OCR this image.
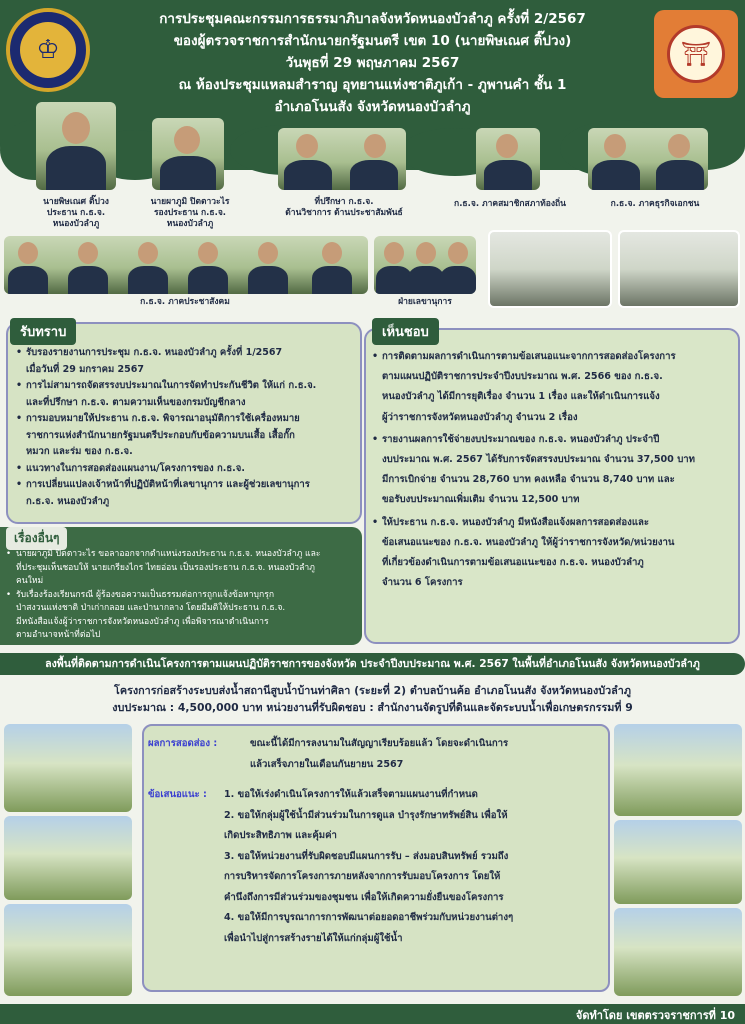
♔	⛩
การประชุมคณะกรรมการธรรมาภิบาลจังหวัดหนองบัวลำภู ครั้งที่ 2/2567
ของผู้ตรวจราชการสำนักนายกรัฐมนตรี เขต 10 (นายพิษเณศ ติ๊ปวง)
วันพุธที่ 29 พฤษภาคม 2567
ณ ห้องประชุมแหลมสำราญ อุทยานแห่งชาติภูเก้า - ภูพานคำ ชั้น 1
อำเภอโนนสัง จังหวัดหนองบัวลำภู
นายพิษเณศ ติ๊ปวง
ประธาน ก.ธ.จ.
หนองบัวลำภู
นายผาภูมิ ปิตตาวะไร
รองประธาน ก.ธ.จ.
หนองบัวลำภู
ที่ปรึกษา ก.ธ.จ.
ด้านวิชาการ ด้านประชาสัมพันธ์
ก.ธ.จ. ภาคสมาชิกสภาท้องถิ่น	ก.ธ.จ. ภาคธุรกิจเอกชน
ก.ธ.จ. ภาคประชาสังคม	ฝ่ายเลขานุการ
รับทราบ
• รับรองรายงานการประชุม ก.ธ.จ. หนองบัวลำภู ครั้งที่ 1/2567
เมื่อวันที่ 29 มกราคม 2567
• การไม่สามารถจัดสรรงบประมาณในการจัดทำประกันชีวิต ให้แก่ ก.ธ.จ.
และที่ปรึกษา ก.ธ.จ. ตามความเห็นของกรมบัญชีกลาง
• การมอบหมายให้ประธาน ก.ธ.จ. พิจารณาอนุมัติการใช้เครื่องหมาย
ราชการแห่งสำนักนายกรัฐมนตรีประกอบกับข้อความบนเสื้อ เสื้อกั๊ก
หมวก และร่ม ของ ก.ธ.จ.
• แนวทางในการสอดส่องแผนงาน/โครงการของ ก.ธ.จ.
• การเปลี่ยนแปลงเจ้าหน้าที่ปฏิบัติหน้าที่เลขานุการ และผู้ช่วยเลขานุการ
ก.ธ.จ. หนองบัวลำภู
เรื่องอื่นๆ
• นายผาภูมิ ปิตตาวะไร ขอลาออกจากตำแหน่งรองประธาน ก.ธ.จ. หนองบัวลำภู และ
ที่ประชุมเห็นชอบให้ นายเกรียงไกร ไทยอ่อน เป็นรองประธาน ก.ธ.จ. หนองบัวลำภู
คนใหม่
• รับเรื่องร้องเรียนกรณี ผู้ร้องขอความเป็นธรรมต่อการถูกแจ้งข้อหาบุกรุก
ป่าสงวนแห่งชาติ ป่าเก่ากลอย และป่านากลาง โดยมีมติให้ประธาน ก.ธ.จ.
มีหนังสือแจ้งผู้ว่าราชการจังหวัดหนองบัวลำภู เพื่อพิจารณาดำเนินการ
ตามอำนาจหน้าที่ต่อไป
เห็นชอบ
• การติดตามผลการดำเนินการตามข้อเสนอแนะจากการสอดส่องโครงการ
ตามแผนปฏิบัติราชการประจำปีงบประมาณ พ.ศ. 2566 ของ ก.ธ.จ.
หนองบัวลำภู ได้มีการยุติเรื่อง จำนวน 1 เรื่อง และให้ดำเนินการแจ้ง
ผู้ว่าราชการจังหวัดหนองบัวลำภู จำนวน 2 เรื่อง
• รายงานผลการใช้จ่ายงบประมาณของ ก.ธ.จ. หนองบัวลำภู ประจำปี
งบประมาณ พ.ศ. 2567 ได้รับการจัดสรรงบประมาณ จำนวน 37,500 บาท
มีการเบิกจ่าย จำนวน 28,760 บาท คงเหลือ จำนวน 8,740 บาท และ
ขอรับงบประมาณเพิ่มเติม จำนวน 12,500 บาท
• ให้ประธาน ก.ธ.จ. หนองบัวลำภู มีหนังสือแจ้งผลการสอดส่องและ
ข้อเสนอแนะของ ก.ธ.จ. หนองบัวลำภู ให้ผู้ว่าราชการจังหวัด/หน่วยงาน
ที่เกี่ยวข้องดำเนินการตามข้อเสนอแนะของ ก.ธ.จ. หนองบัวลำภู
จำนวน 6 โครงการ
ลงพื้นที่ติดตามการดำเนินโครงการตามแผนปฏิบัติราชการของจังหวัด ประจำปีงบประมาณ พ.ศ. 2567 ในพื้นที่อำเภอโนนสัง จังหวัดหนองบัวลำภู
โครงการก่อสร้างระบบส่งน้ำสถานีสูบน้ำบ้านท่าศิลา (ระยะที่ 2) ตำบลบ้านค้อ อำเภอโนนสัง จังหวัดหนองบัวลำภู
งบประมาณ : 4,500,000 บาท หน่วยงานที่รับผิดชอบ : สำนักงานจัดรูปที่ดินและจัดระบบน้ำเพื่อเกษตรกรรมที่ 9
ผลการสอดส่อง :	ขณะนี้ได้มีการลงนามในสัญญาเรียบร้อยแล้ว โดยจะดำเนินการ
แล้วเสร็จภายในเดือนกันยายน 2567
ข้อเสนอแนะ : 1. ขอให้เร่งดำเนินโครงการให้แล้วเสร็จตามแผนงานที่กำหนด
2. ขอให้กลุ่มผู้ใช้น้ำมีส่วนร่วมในการดูแล บำรุงรักษาทรัพย์สิน เพื่อให้
เกิดประสิทธิภาพ และคุ้มค่า
3. ขอให้หน่วยงานที่รับผิดชอบมีแผนการรับ – ส่งมอบสินทรัพย์ รวมถึง
การบริหารจัดการโครงการภายหลังจากการรับมอบโครงการ โดยให้
คำนึงถึงการมีส่วนร่วมของชุมชน เพื่อให้เกิดความยั่งยืนของโครงการ
4. ขอให้มีการบูรณาการการพัฒนาต่อยอดอาชีพร่วมกับหน่วยงานต่างๆ
เพื่อนำไปสู่การสร้างรายได้ให้แก่กลุ่มผู้ใช้น้ำ
จัดทำโดย เขตตรวจราชการที่ 10
